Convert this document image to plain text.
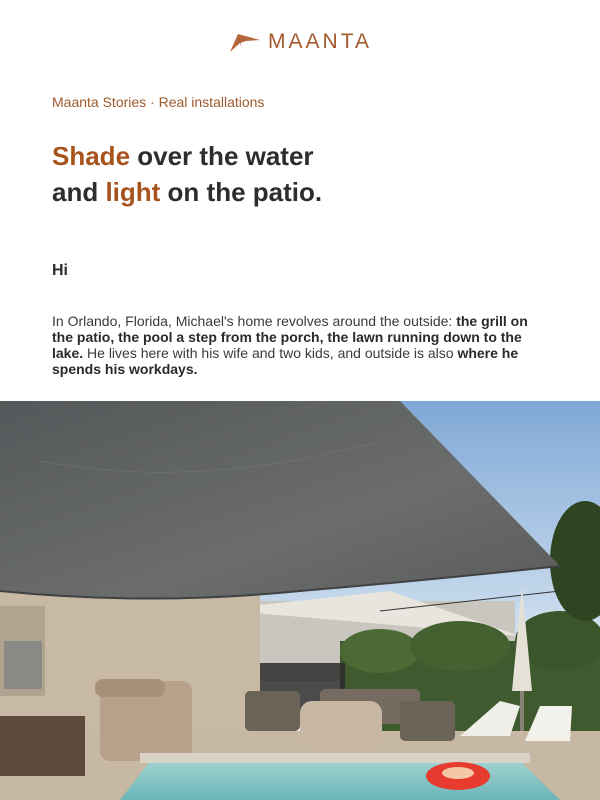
MAANTA
Maanta Stories · Real installations
Shade over the water
and light on the patio.
Hi

In Orlando, Florida, Michael's home revolves around the outside: the grill on the patio, the pool a step from the porch, the lawn running down to the lake. He lives here with his wife and two kids, and outside is also where he spends his workdays.
